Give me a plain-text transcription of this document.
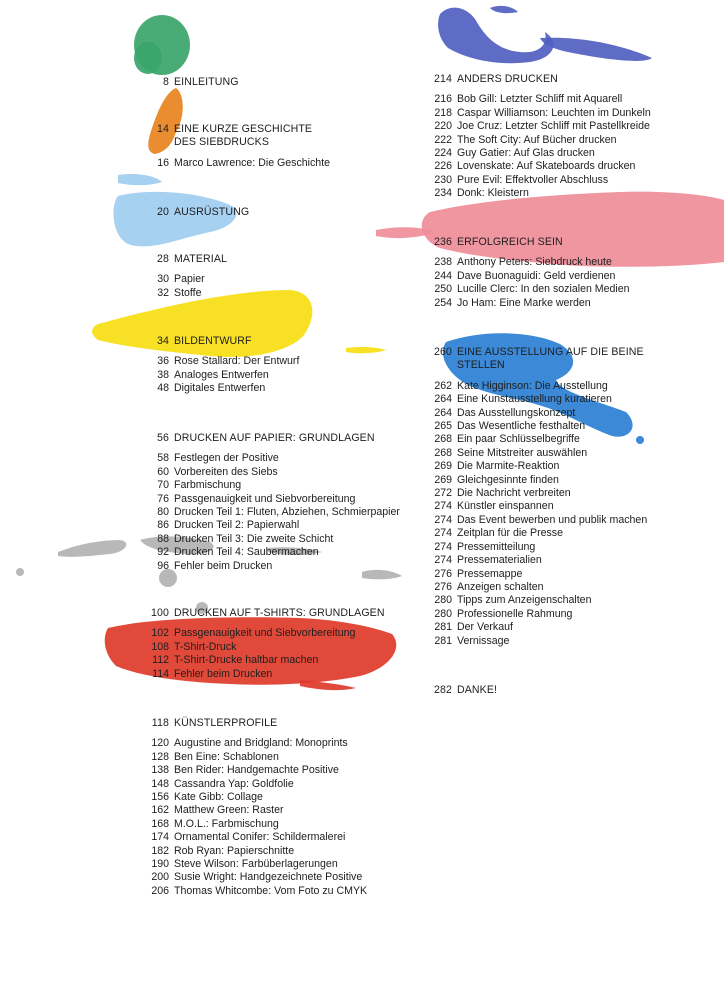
8 EINLEITUNG
14 EINE KURZE GESCHICHTE
DES SIEBDRUCKS
16 Marco Lawrence: Die Geschichte
20 AUSRÜSTUNG
28 MATERIAL
30 Papier
32 Stoffe
34 BILDENTWURF
36 Rose Stallard: Der Entwurf
38 Analoges Entwerfen
48 Digitales Entwerfen
56 DRUCKEN AUF PAPIER: GRUNDLAGEN
58 Festlegen der Positive
60 Vorbereiten des Siebs
70 Farbmischung
76 Passgenauigkeit und Siebvorbereitung
80 Drucken Teil 1: Fluten, Abziehen, Schmierpapier
86 Drucken Teil 2: Papierwahl
88 Drucken Teil 3: Die zweite Schicht
92 Drucken Teil 4: Saubermachen
96 Fehler beim Drucken
100 DRUCKEN AUF T-SHIRTS: GRUNDLAGEN
102 Passgenauigkeit und Siebvorbereitung
108 T-Shirt-Druck
112 T-Shirt-Drucke haltbar machen
114 Fehler beim Drucken
118 KÜNSTLERPROFILE
120 Augustine and Bridgland: Monoprints
128 Ben Eine: Schablonen
138 Ben Rider: Handgemachte Positive
148 Cassandra Yap: Goldfolie
156 Kate Gibb: Collage
162 Matthew Green: Raster
168 M.O.L.: Farbmischung
174 Ornamental Conifer: Schildermalerei
182 Rob Ryan: Papierschnitte
190 Steve Wilson: Farbüberlagerungen
200 Susie Wright: Handgezeichnete Positive
206 Thomas Whitcombe: Vom Foto zu CMYK
214 ANDERS DRUCKEN
216 Bob Gill: Letzter Schliff mit Aquarell
218 Caspar Williamson: Leuchten im Dunkeln
220 Joe Cruz: Letzter Schliff mit Pastellkreide
222 The Soft City: Auf Bücher drucken
224 Guy Gatier: Auf Glas drucken
226 Lovenskate: Auf Skateboards drucken
230 Pure Evil: Effektvoller Abschluss
234 Donk: Kleistern
236 ERFOLGREICH SEIN
238 Anthony Peters: Siebdruck heute
244 Dave Buonaguidi: Geld verdienen
250 Lucille Clerc: In den sozialen Medien
254 Jo Ham: Eine Marke werden
260 EINE AUSSTELLUNG AUF DIE BEINE
STELLEN
262 Kate Higginson: Die Ausstellung
264 Eine Kunstausstellung kuratieren
264 Das Ausstellungskonzept
265 Das Wesentliche festhalten
268 Ein paar Schlüsselbegriffe
268 Seine Mitstreiter auswählen
269 Die Marmite-Reaktion
269 Gleichgesinnte finden
272 Die Nachricht verbreiten
274 Künstler einspannen
274 Das Event bewerben und publik machen
274 Zeitplan für die Presse
274 Pressemitteilung
274 Pressematerialien
276 Pressemappe
276 Anzeigen schalten
280 Tipps zum Anzeigenschalten
280 Professionelle Rahmung
281 Der Verkauf
281 Vernissage
282 DANKE!
